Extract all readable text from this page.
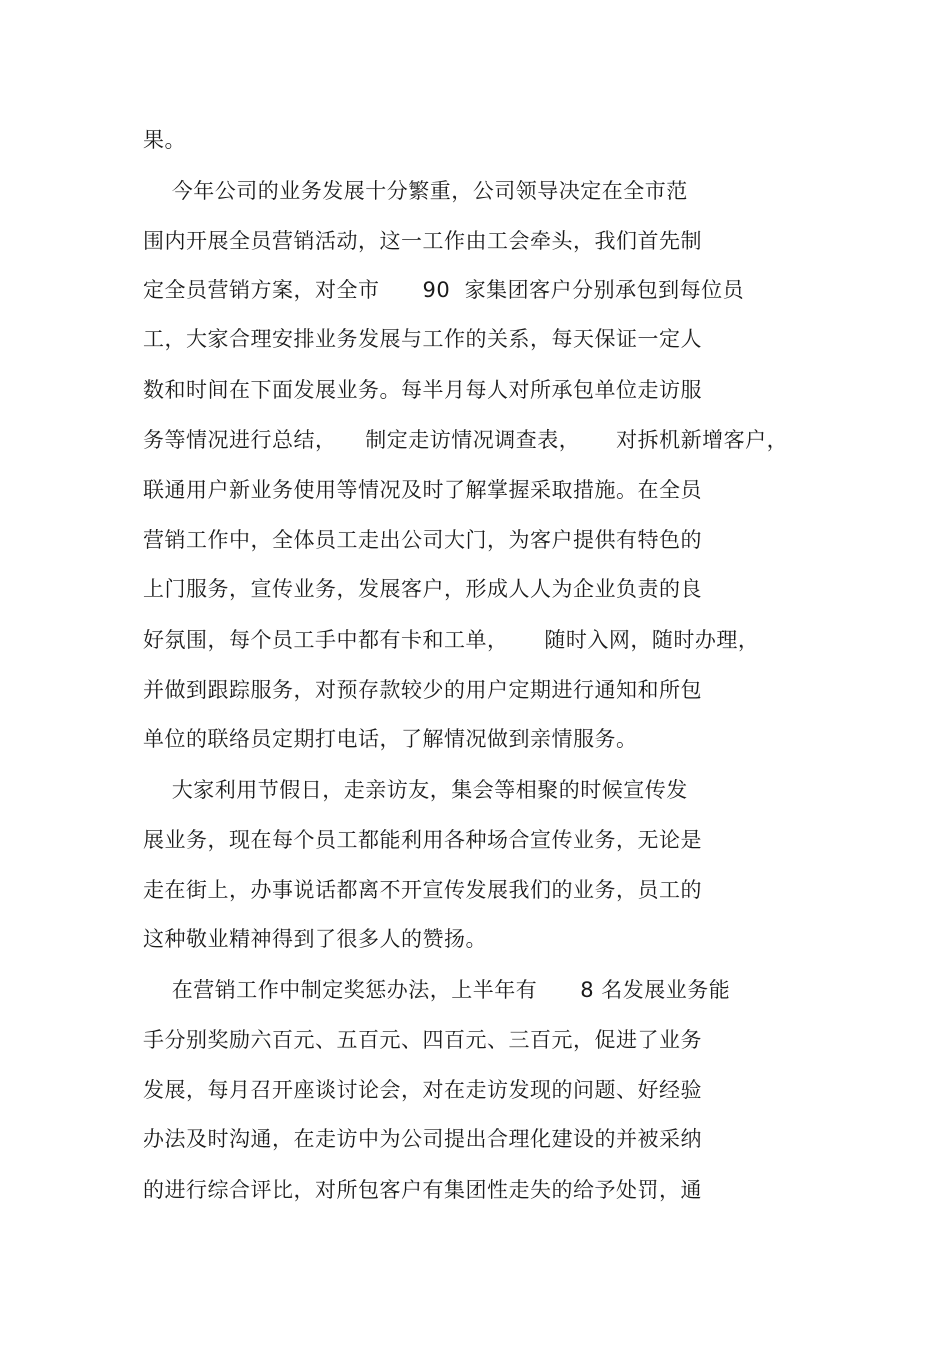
果。
今年公司的业务发展十分繁重，公司领导决定在全市范
围内开展全员营销活动，这一工作由工会牵头，我们首先制
定全员营销方案，对全市      90  家集团客户分别承包到每位员
工，大家合理安排业务发展与工作的关系，每天保证一定人
数和时间在下面发展业务。每半月每人对所承包单位走访服
务等情况进行总结，    制定走访情况调查表，     对拆机新增客户，
联通用户新业务使用等情况及时了解掌握采取措施。在全员
营销工作中，全体员工走出公司大门，为客户提供有特色的
上门服务，宣传业务，发展客户，形成人人为企业负责的良
好氛围，每个员工手中都有卡和工单，     随时入网，随时办理，
并做到跟踪服务，对预存款较少的用户定期进行通知和所包
单位的联络员定期打电话，了解情况做到亲情服务。
大家利用节假日，走亲访友，集会等相聚的时候宣传发
展业务，现在每个员工都能利用各种场合宣传业务，无论是
走在街上，办事说话都离不开宣传发展我们的业务，员工的
这种敬业精神得到了很多人的赞扬。
在营销工作中制定奖惩办法，上半年有      8 名发展业务能
手分别奖励六百元、五百元、四百元、三百元，促进了业务
发展，每月召开座谈讨论会，对在走访发现的问题、好经验
办法及时沟通，在走访中为公司提出合理化建设的并被采纳
的进行综合评比，对所包客户有集团性走失的给予处罚，通
